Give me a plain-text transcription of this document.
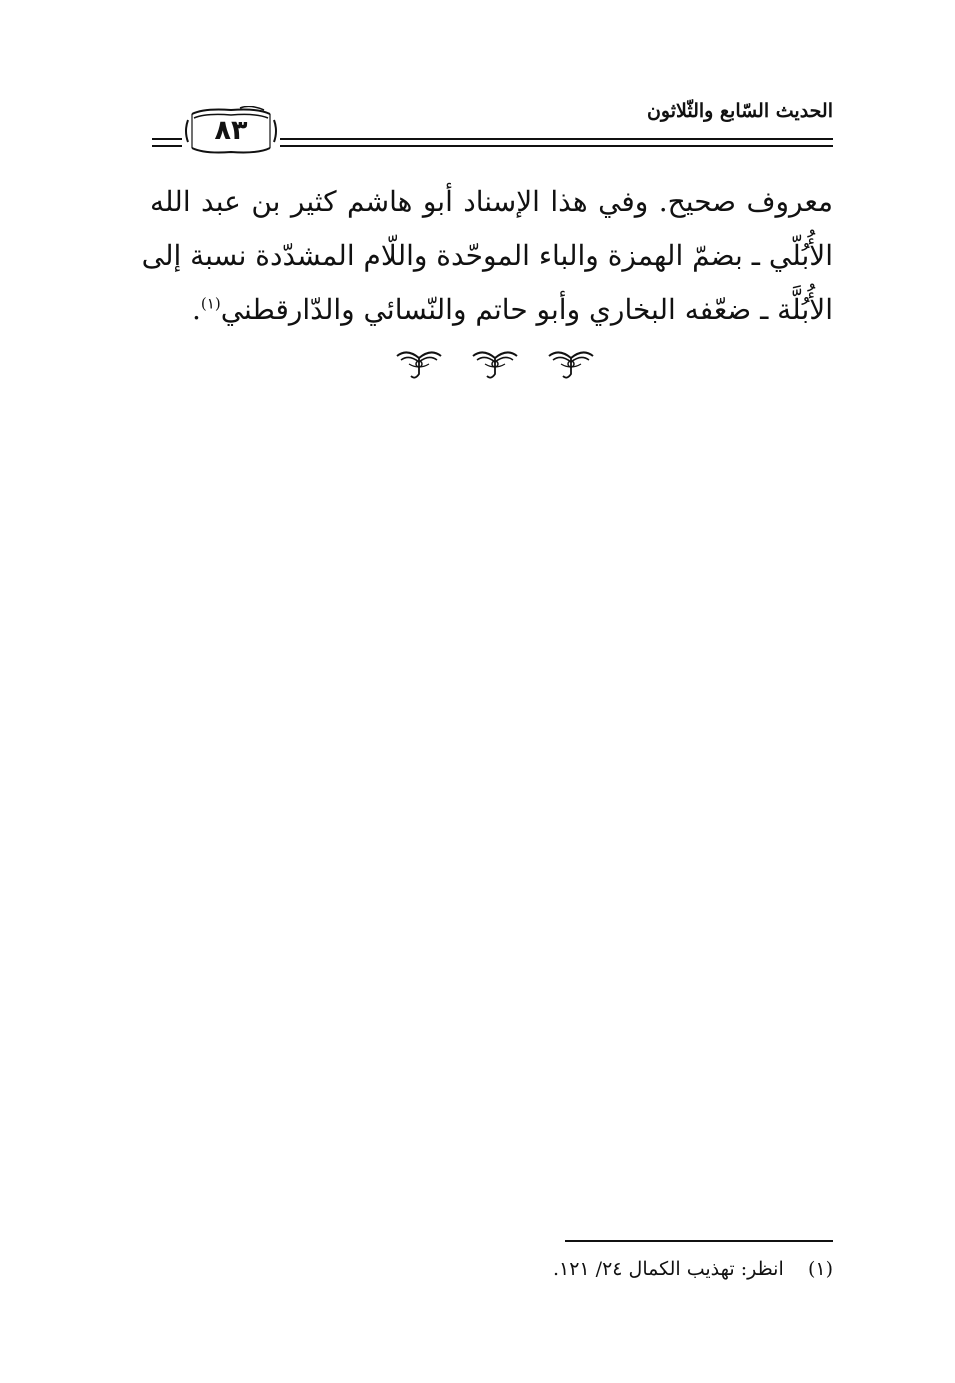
الحديث السّابع والثّلاثون
٨٣
معروف صحيح. وفي هذا الإسناد أبو هاشم كثير بن عبد الله
الأُبُلّي ـ بضمّ الهمزة والباء الموحّدة واللّام المشدّدة نسبة إلى
الأُبُلَّة ـ ضعّفه البخاري وأبو حاتم والنّسائي والدّارقطني$^{(١)}$.
(١)    انظر: تهذيب الكمال ٢٤/ ١٢١.
